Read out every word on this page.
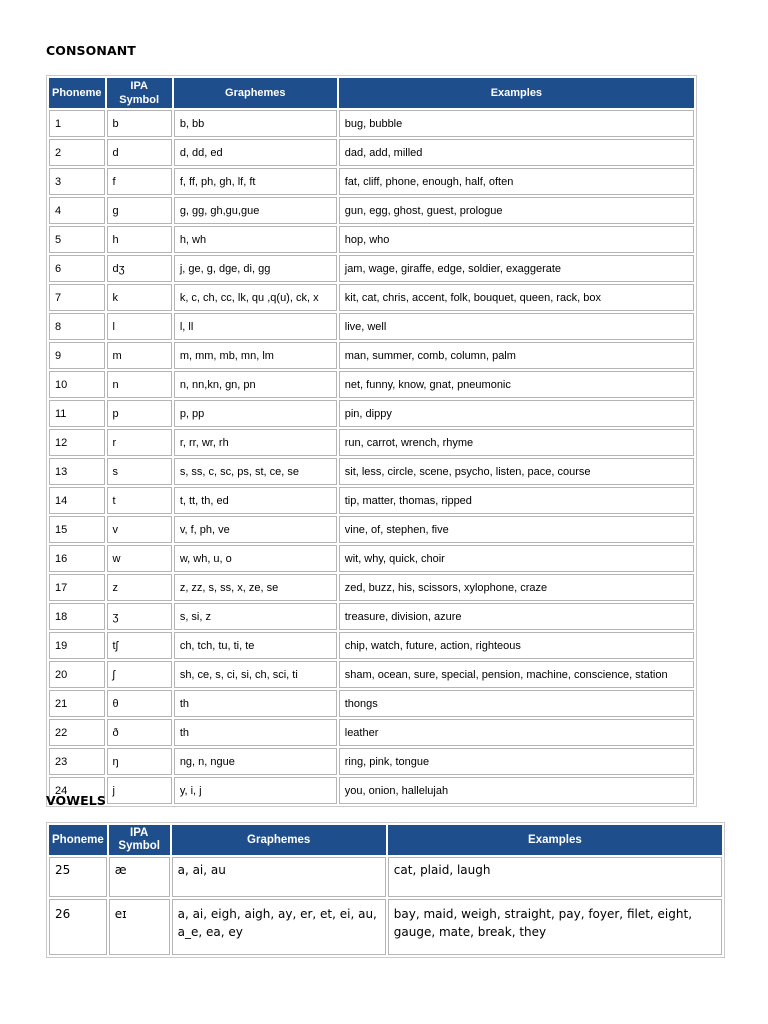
CONSONANT
Phoneme	IPA Symbol	Graphemes	Examples
1	b	b, bb	bug, bubble
2	d	d, dd, ed	dad, add, milled
3	f	f, ff, ph, gh, lf, ft	fat, cliff, phone, enough, half, often
4	g	g, gg, gh,gu,gue	gun, egg, ghost, guest, prologue
5	h	h, wh	hop, who
6	dʒ	j, ge, g, dge, di, gg	jam, wage, giraffe, edge, soldier, exaggerate
7	k	k, c, ch, cc, lk, qu ,q(u), ck, x	kit, cat, chris, accent, folk, bouquet, queen, rack, box
8	l	l, ll	live, well
9	m	m, mm, mb, mn, lm	man, summer, comb, column, palm
10	n	n, nn,kn, gn, pn	net, funny, know, gnat, pneumonic
11	p	p, pp	pin, dippy
12	r	r, rr, wr, rh	run, carrot, wrench, rhyme
13	s	s, ss, c, sc, ps, st, ce, se	sit, less, circle, scene, psycho, listen, pace, course
14	t	t, tt, th, ed	tip, matter, thomas, ripped
15	v	v, f, ph, ve	vine, of, stephen, five
16	w	w, wh, u, o	wit, why, quick, choir
17	z	z, zz, s, ss, x, ze, se	zed, buzz, his, scissors, xylophone, craze
18	ʒ	s, si, z	treasure, division, azure
19	tʃ	ch, tch, tu, ti, te	chip, watch, future, action, righteous
20	ʃ	sh, ce, s, ci, si, ch, sci, ti	sham, ocean, sure, special, pension, machine, conscience, station
21	θ	th	thongs
22	ð	th	leather
23	ŋ	ng, n, ngue	ring, pink, tongue
24	j	y, i, j	you, onion, hallelujah
VOWELS
Phoneme	IPA Symbol	Graphemes	Examples
25	æ	a, ai, au	cat, plaid, laugh
26	eɪ	a, ai, eigh, aigh, ay, er, et, ei, au, a_e, ea, ey	bay, maid, weigh, straight, pay, foyer, filet, eight, gauge, mate, break, they
